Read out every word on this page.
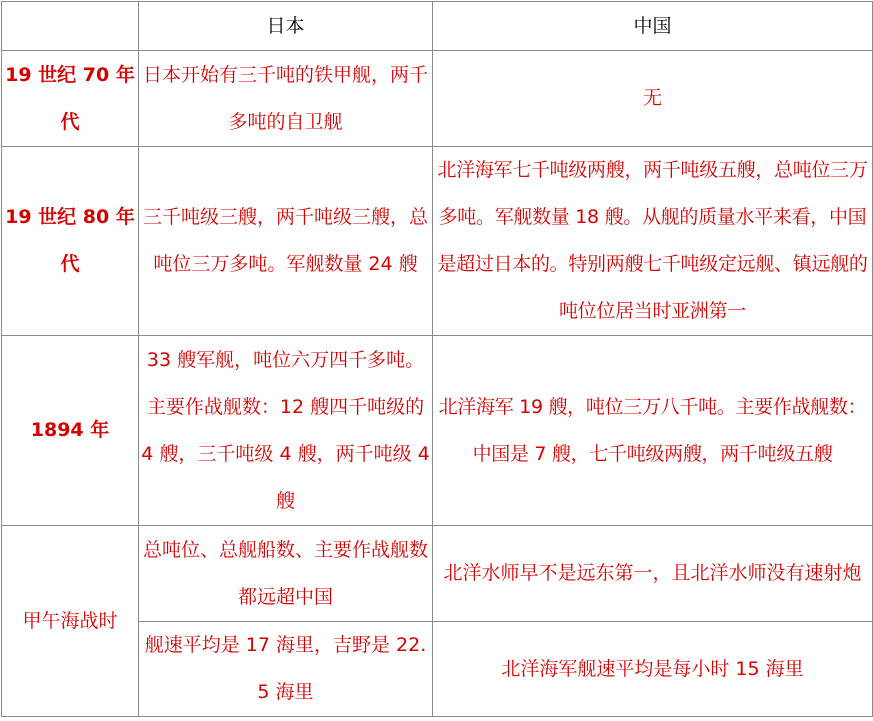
	日本	中国
19 世纪 70 年代	日本开始有三千吨的铁甲舰，两千多吨的自卫舰	无
19 世纪 80 年代	三千吨级三艘，两千吨级三艘，总吨位三万多吨。军舰数量 24 艘	北洋海军七千吨级两艘，两千吨级五艘，总吨位三万多吨。军舰数量 18 艘。从舰的质量水平来看，中国是超过日本的。特别两艘七千吨级定远舰、镇远舰的吨位位居当时亚洲第一
1894 年	33 艘军舰，吨位六万四千多吨。主要作战舰数：12 艘四千吨级的 4 艘，三千吨级 4 艘，两千吨级 4 艘	北洋海军 19 艘，吨位三万八千吨。主要作战舰数：中国是 7 艘，七千吨级两艘，两千吨级五艘
甲午海战时	总吨位、总舰船数、主要作战舰数都远超中国	北洋水师早不是远东第一，且北洋水师没有速射炮
	舰速平均是 17 海里，吉野是 22.5 海里	北洋海军舰速平均是每小时 15 海里
